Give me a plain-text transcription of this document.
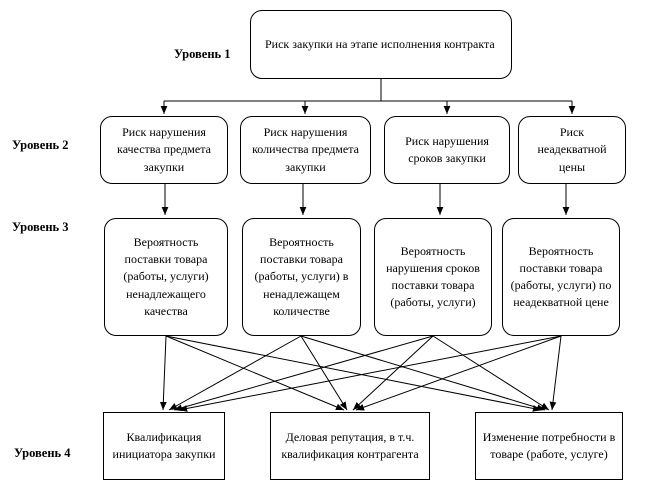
Уровень 1
Уровень 2
Уровень 3
Уровень 4
Риск закупки на этапе исполнения контракта
Риск нарушения качества предмета закупки
Риск нарушения количества предмета закупки
Риск нарушения сроков закупки
Риск неадекватной цены
Вероятность поставки товара (работы, услуги) ненадлежащего качества
Вероятность поставки товара (работы, услуги) в ненадлежащем количестве
Вероятность нарушения сроков поставки товара (работы, услуги)
Вероятность поставки товара (работы, услуги) по неадекватной цене
Квалификация инициатора закупки
Деловая репутация, в т.ч. квалификация контрагента
Изменение потребности в товаре (работе, услуге)
